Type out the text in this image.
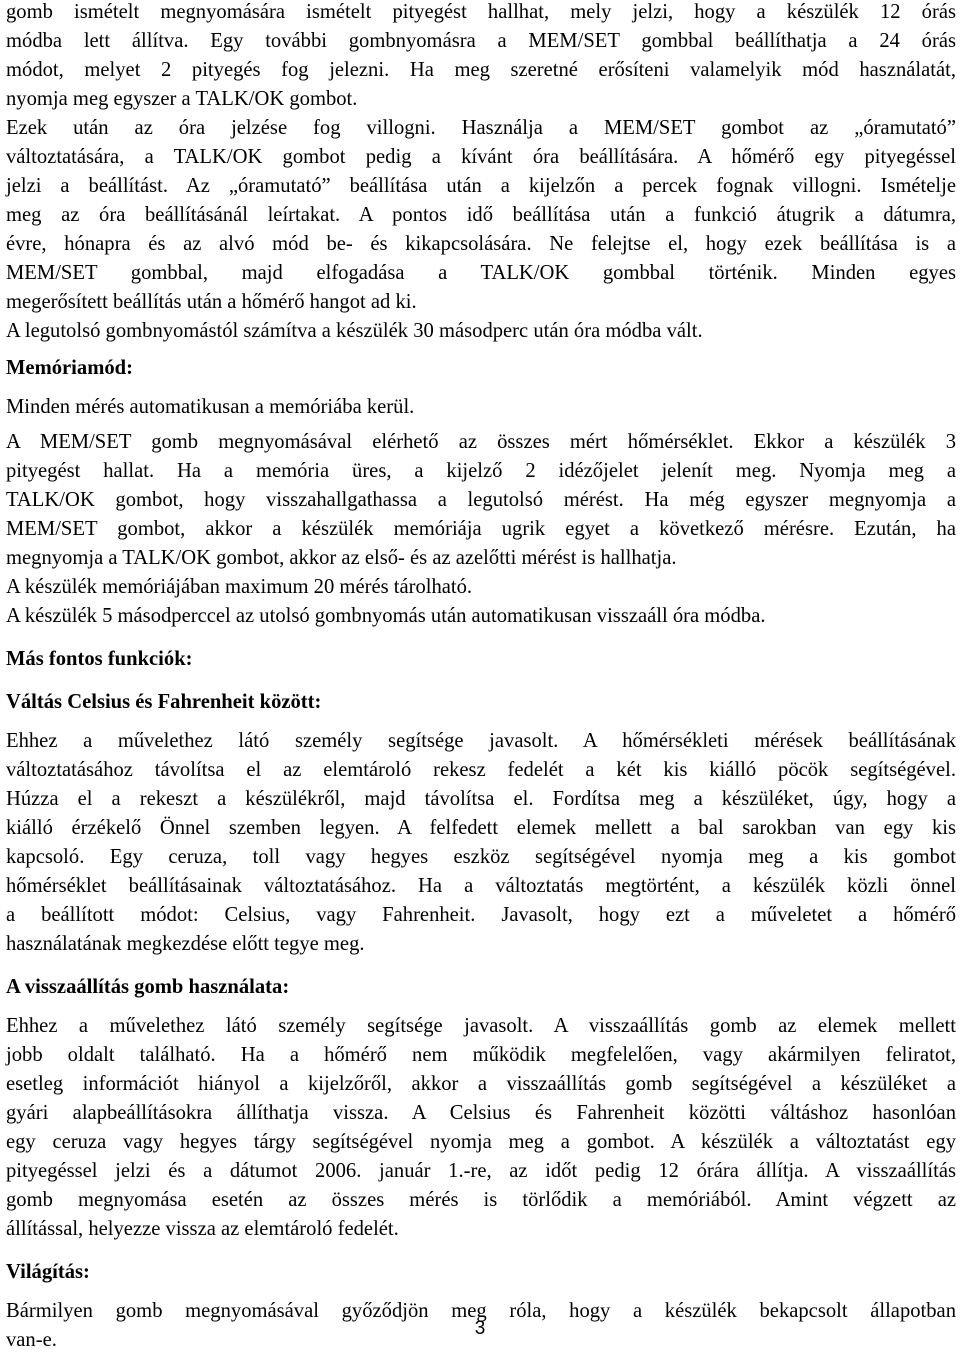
gomb ismételt megnyomására ismételt pityegést hallhat, mely jelzi, hogy a készülék 12 órás

módba lett állítva. Egy további gombnyomásra a MEM/SET gombbal beállíthatja a 24 órás

módot, melyet 2 pityegés fog jelezni. Ha meg szeretné erősíteni valamelyik mód használatát,

nyomja meg egyszer a TALK/OK gombot.

Ezek után az óra jelzése fog villogni. Használja a MEM/SET gombot az „óramutató”

változtatására, a TALK/OK gombot pedig a kívánt óra beállítására. A hőmérő egy pityegéssel

jelzi a beállítást. Az „óramutató” beállítása után a kijelzőn a percek fognak villogni. Ismételje

meg az óra beállításánál leírtakat. A pontos idő beállítása után a funkció átugrik a dátumra,

évre, hónapra és az alvó mód be- és kikapcsolására. Ne felejtse el, hogy ezek beállítása is a

MEM/SET gombbal, majd elfogadása a TALK/OK gombbal történik. Minden egyes

megerősített beállítás után a hőmérő hangot ad ki.

A legutolsó gombnyomástól számítva a készülék 30 másodperc után óra módba vált.

Memóriamód:

Minden mérés automatikusan a memóriába kerül.

A MEM/SET gomb megnyomásával elérhető az összes mért hőmérséklet. Ekkor a készülék 3

pityegést hallat. Ha a memória üres, a kijelző 2 idézőjelet jelenít meg. Nyomja meg a

TALK/OK gombot, hogy visszahallgathassa a legutolsó mérést. Ha még egyszer megnyomja a

MEM/SET gombot, akkor a készülék memóriája ugrik egyet a következő mérésre. Ezután, ha

megnyomja a TALK/OK gombot, akkor az első- és az azelőtti mérést is hallhatja.

A készülék memóriájában maximum 20 mérés tárolható.

A készülék 5 másodperccel az utolsó gombnyomás után automatikusan visszaáll óra módba.

Más fontos funkciók:

Váltás Celsius és Fahrenheit között:

Ehhez a művelethez látó személy segítsége javasolt. A hőmérsékleti mérések beállításának

változtatásához távolítsa el az elemtároló rekesz fedelét a két kis kiálló pöcök segítségével.

Húzza el a rekeszt a készülékről, majd távolítsa el. Fordítsa meg a készüléket, úgy, hogy a

kiálló érzékelő Önnel szemben legyen. A felfedett elemek mellett a bal sarokban van egy kis

kapcsoló. Egy ceruza, toll vagy hegyes eszköz segítségével nyomja meg a kis gombot

hőmérséklet beállításainak változtatásához. Ha a változtatás megtörtént, a készülék közli önnel

a beállított módot: Celsius, vagy Fahrenheit. Javasolt, hogy ezt a műveletet a hőmérő

használatának megkezdése előtt tegye meg.

A visszaállítás gomb használata:

Ehhez a művelethez látó személy segítsége javasolt. A visszaállítás gomb az elemek mellett

jobb oldalt található. Ha a hőmérő nem működik megfelelően, vagy akármilyen feliratot,

esetleg információt hiányol a kijelzőről, akkor a visszaállítás gomb segítségével a készüléket a

gyári alapbeállításokra állíthatja vissza. A Celsius és Fahrenheit közötti váltáshoz hasonlóan

egy ceruza vagy hegyes tárgy segítségével nyomja meg a gombot. A készülék a változtatást egy

pityegéssel jelzi és a dátumot 2006. január 1.-re, az időt pedig 12 órára állítja. A visszaállítás

gomb megnyomása esetén az összes mérés is törlődik a memóriából. Amint végzett az

állítással, helyezze vissza az elemtároló fedelét.

Világítás:

Bármilyen gomb megnyomásával győződjön meg róla, hogy a készülék bekapcsolt állapotban

van-e.

3
